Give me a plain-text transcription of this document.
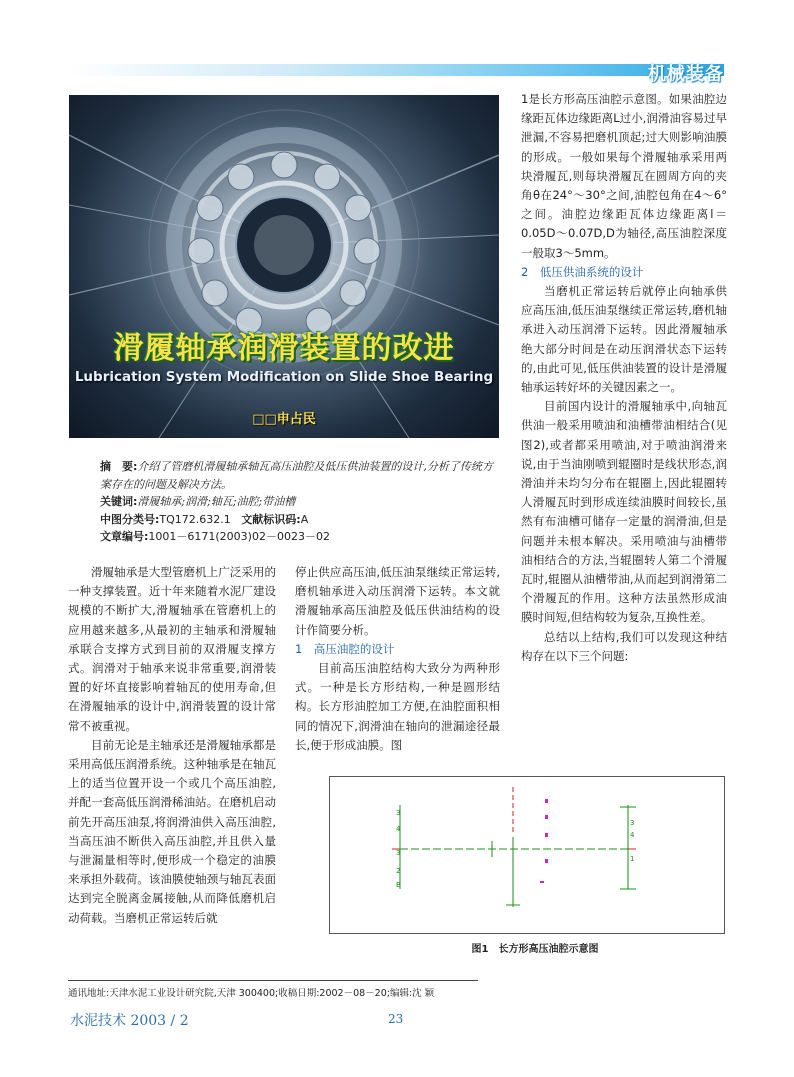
机械装备
滑履轴承润滑装置的改进
Lubrication System Modification on Slide Shoe Bearing
□□申占民
摘　要:介绍了管磨机滑履轴承轴瓦高压油腔及低压供油装置的设计,分析了传统方案存在的问题及解决方法。
关键词:滑履轴承;润滑;轴瓦;油腔;带油槽
中图分类号:TQ172.632.1 文献标识码:A
文章编号:1001－6171(2003)02－0023－02

滑履轴承是大型管磨机上广泛采用的一种支撑装置。近十年来随着水泥厂建设规模的不断扩大,滑履轴承在管磨机上的应用越来越多,从最初的主轴承和滑履轴承联合支撑方式到目前的双滑履支撑方式。润滑对于轴承来说非常重要,润滑装置的好坏直接影响着轴瓦的使用寿命,但在滑履轴承的设计中,润滑装置的设计常常不被重视。

目前无论是主轴承还是滑履轴承都是采用高低压润滑系统。这种轴承是在轴瓦上的适当位置开设一个或几个高压油腔,并配一套高低压润滑稀油站。在磨机启动前先开高压油泵,将润滑油供入高压油腔,当高压油不断供入高压油腔,并且供入量与泄漏量相等时,便形成一个稳定的油膜来承担外载荷。该油膜使轴颈与轴瓦表面达到完全脱离金属接触,从而降低磨机启动荷载。当磨机正常运转后就

停止供应高压油,低压油泵继续正常运转,磨机轴承进入动压润滑下运转。本文就滑履轴承高压油腔及低压供油结构的设计作简要分析。

1　高压油腔的设计

目前高压油腔结构大致分为两种形式。一种是长方形结构,一种是圆形结构。长方形油腔加工方便,在油腔面积相同的情况下,润滑油在轴向的泄漏途径最长,便于形成油膜。图

1是长方形高压油腔示意图。如果油腔边缘距瓦体边缘距离L过小,润滑油容易过早泄漏,不容易把磨机顶起;过大则影响油膜的形成。一般如果每个滑履轴承采用两块滑履瓦,则每块滑履瓦在圆周方向的夹角θ在24°～30°之间,油腔包角在4～6°之间。油腔边缘距瓦体边缘距离l＝0.05D～0.07D,D为轴径,高压油腔深度一般取3～5mm。

2　低压供油系统的设计

当磨机正常运转后就停止向轴承供应高压油,低压油泵继续正常运转,磨机轴承进入动压润滑下运转。因此滑履轴承绝大部分时间是在动压润滑状态下运转的,由此可见,低压供油装置的设计是滑履轴承运转好坏的关键因素之一。

目前国内设计的滑履轴承中,向轴瓦供油一般采用喷油和油槽带油相结合(见图2),或者都采用喷油,对于喷油润滑来说,由于当油刚喷到辊圈时是线状形态,润滑油并未均匀分布在辊圈上,因此辊圈转人滑履瓦时到形成连续油膜时间较长,虽然有布油槽可储存一定量的润滑油,但是问题并未根本解决。采用喷油与油槽带油相结合的方法,当辊圈转人第二个滑履瓦时,辊圈从油槽带油,从而起到润滑第二个滑履瓦的作用。这种方法虽然形成油膜时间短,但结构较为复杂,互换性差。

总结以上结构,我们可以发现这种结构存在以下三个问题:

3
4
3
2
B
3
4
1
图1　长方形高压油腔示意图
通讯地址:天津水泥工业设计研究院,天津 300400;收稿日期:2002－08－20;编辑:沈 颖
水泥技术 2003 / 2	23
